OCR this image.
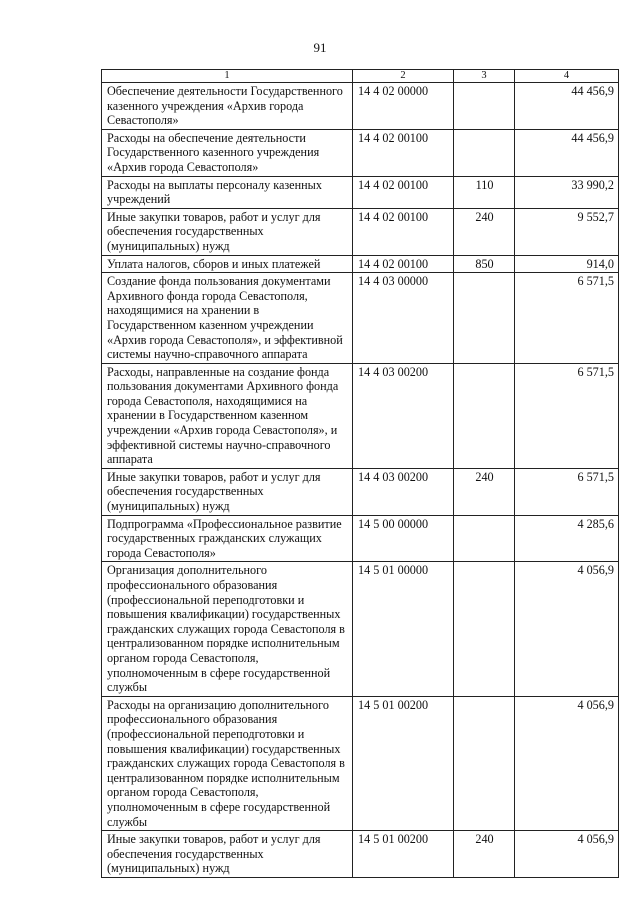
91
1	2	3	4
Обеспечение деятельности Государственного казенного учреждения «Архив города Севастополя»	14 4 02 00000		44 456,9
Расходы на обеспечение деятельности Государственного казенного учреждения «Архив города Севастополя»	14 4 02 00100		44 456,9
Расходы на выплаты персоналу казенных учреждений	14 4 02 00100	110	33 990,2
Иные закупки товаров, работ и услуг для обеспечения государственных (муниципальных) нужд	14 4 02 00100	240	9 552,7
Уплата налогов, сборов и иных платежей	14 4 02 00100	850	914,0
Создание фонда пользования документами Архивного фонда города Севастополя, находящимися на хранении в Государственном казенном учреждении «Архив города Севастополя», и эффективной системы научно-справочного аппарата	14 4 03 00000		6 571,5
Расходы, направленные на создание фонда пользования документами Архивного фонда города Севастополя, находящимися на хранении в Государственном казенном учреждении «Архив города Севастополя», и эффективной системы научно-справочного аппарата	14 4 03 00200		6 571,5
Иные закупки товаров, работ и услуг для обеспечения государственных (муниципальных) нужд	14 4 03 00200	240	6 571,5
Подпрограмма «Профессиональное развитие государственных гражданских служащих города Севастополя»	14 5 00 00000		4 285,6
Организация дополнительного профессионального образования (профессиональной переподготовки и повышения квалификации) государственных гражданских служащих города Севастополя в централизованном порядке исполнительным органом города Севастополя, уполномоченным в сфере государственной службы	14 5 01 00000		4 056,9
Расходы на организацию дополнительного профессионального образования (профессиональной переподготовки и повышения квалификации) государственных гражданских служащих города Севастополя в централизованном порядке исполнительным органом города Севастополя, уполномоченным в сфере государственной службы	14 5 01 00200		4 056,9
Иные закупки товаров, работ и услуг для обеспечения государственных (муниципальных) нужд	14 5 01 00200	240	4 056,9
